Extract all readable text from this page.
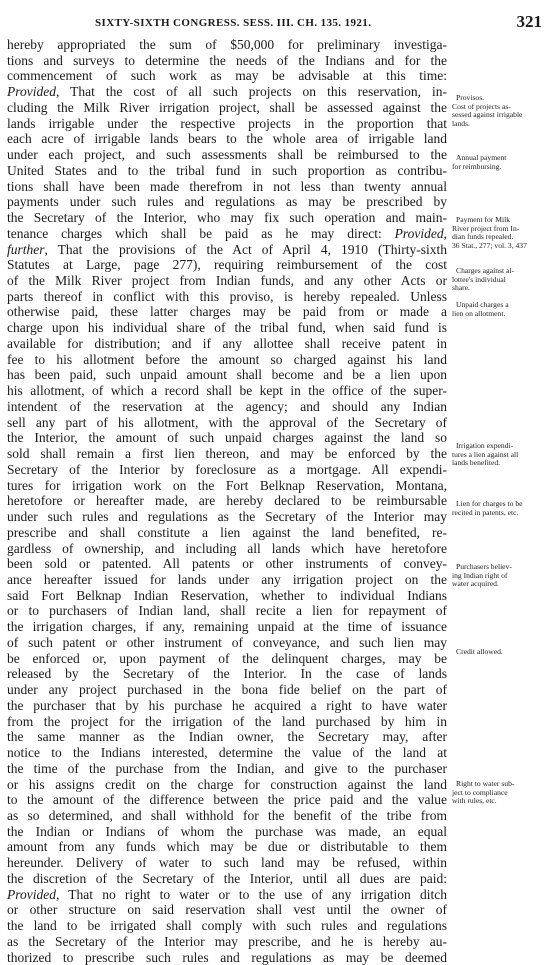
SIXTY-SIXTH CONGRESS. SESS. III. CH. 135. 1921.	321
hereby appropriated the sum of $50,000 for preliminary investiga-
tions and surveys to determine the needs of the Indians and for the
commencement of such work as may be advisable at this time:
Provided, That the cost of all such projects on this reservation, in-
cluding the Milk River irrigation project, shall be assessed against the
lands irrigable under the respective projects in the proportion that
each acre of irrigable lands bears to the whole area of irrigable land
under each project, and such assessments shall be reimbursed to the
United States and to the tribal fund in such proportion as contribu-
tions shall have been made therefrom in not less than twenty annual
payments under such rules and regulations as may be prescribed by
the Secretary of the Interior, who may fix such operation and main-
tenance charges which shall be paid as he may direct: Provided,
further, That the provisions of the Act of April 4, 1910 (Thirty-sixth
Statutes at Large, page 277), requiring reimbursement of the cost
of the Milk River project from Indian funds, and any other Acts or
parts thereof in conflict with this proviso, is hereby repealed. Unless
otherwise paid, these latter charges may be paid from or made a
charge upon his individual share of the tribal fund, when said fund is
available for distribution; and if any allottee shall receive patent in
fee to his allotment before the amount so charged against his land
has been paid, such unpaid amount shall become and be a lien upon
his allotment, of which a record shall be kept in the office of the super-
intendent of the reservation at the agency; and should any Indian
sell any part of his allotment, with the approval of the Secretary of
the Interior, the amount of such unpaid charges against the land so
sold shall remain a first lien thereon, and may be enforced by the
Secretary of the Interior by foreclosure as a mortgage. All expendi-
tures for irrigation work on the Fort Belknap Reservation, Montana,
heretofore or hereafter made, are hereby declared to be reimbursable
under such rules and regulations as the Secretary of the Interior may
prescribe and shall constitute a lien against the land benefited, re-
gardless of ownership, and including all lands which have heretofore
been sold or patented. All patents or other instruments of convey-
ance hereafter issued for lands under any irrigation project on the
said Fort Belknap Indian Reservation, whether to individual Indians
or to purchasers of Indian land, shall recite a lien for repayment of
the irrigation charges, if any, remaining unpaid at the time of issuance
of such patent or other instrument of conveyance, and such lien may
be enforced or, upon payment of the delinquent charges, may be
released by the Secretary of the Interior. In the case of lands
under any project purchased in the bona fide belief on the part of
the purchaser that by his purchase he acquired a right to have water
from the project for the irrigation of the land purchased by him in
the same manner as the Indian owner, the Secretary may, after
notice to the Indians interested, determine the value of the land at
the time of the purchase from the Indian, and give to the purchaser
or his assigns credit on the charge for construction against the land
to the amount of the difference between the price paid and the value
as so determined, and shall withhold for the benefit of the tribe from
the Indian or Indians of whom the purchase was made, an equal
amount from any funds which may be due or distributable to them
hereunder. Delivery of water to such land may be refused, within
the discretion of the Secretary of the Interior, until all dues are paid:
Provided, That no right to water or to the use of any irrigation ditch
or other structure on said reservation shall vest until the owner of
the land to be irrigated shall comply with such rules and regulations
as the Secretary of the Interior may prescribe, and he is hereby au-
thorized to prescribe such rules and regulations as may be deemed
Provisos.
Cost of projects as-
sessed against irrigable
lands.
Annual payment
for reimbursing.
Payment for Milk
River project from In-
dian funds repealed.
36 Stat., 277; vol. 3, 437
Charges against al-
lottee's individual
share.
Unpaid charges a
lien on allotment.
Irrigation expendi-
tures a lien against all
lands benefited.
Lien for charges to be
recited in patents, etc.
Purchasers believ-
ing Indian right of
water acquired.
Credit allowed.
Right to water sub-
ject to compliance
with rules, etc.
